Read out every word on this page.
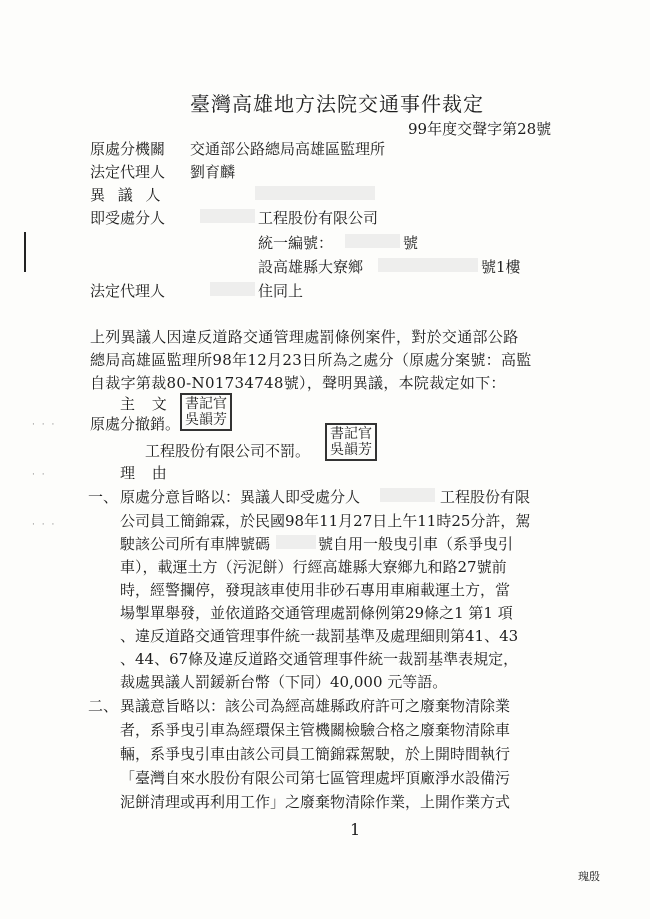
臺灣高雄地方法院交通事件裁定
99年度交聲字第28號
原處分機關 交通部公路總局高雄區監理所
法定代理人 劉育麟
異 議 人
即受處分人	工程股份有限公司
統一編號：	號
設高雄縣大寮鄉	號1樓
法定代理人	住同上
上列異議人因違反道路交通管理處罰條例案件，對於交通部公路
總局高雄區監理所98年12月23日所為之處分（原處分案號：高監
自裁字第裁80-N01734748號），聲明異議，本院裁定如下：
主 文
原處分撤銷。
工程股份有限公司不罰。
書記官
吳韻芳
書記官
吳韻芳
理 由
一、 原處分意旨略以：異議人即受處分人	工程股份有限
公司員工簡錦霖，於民國98年11月27日上午11時25分許，駕
駛該公司所有車牌號碼	號自用一般曳引車（系爭曳引
車），載運土方（污泥餅）行經高雄縣大寮鄉九和路27號前
時，經警攔停，發現該車使用非砂石專用車廂載運土方，當
場掣單舉發，並依道路交通管理處罰條例第29條之1 第1 項
、違反道路交通管理事件統一裁罰基準及處理細則第41、43
、44、67條及違反道路交通管理事件統一裁罰基準表規定，
裁處異議人罰鍰新台幣（下同）40,000 元等語。
二、 異議意旨略以：該公司為經高雄縣政府許可之廢棄物清除業
者，系爭曳引車為經環保主管機關檢驗合格之廢棄物清除車
輛，系爭曳引車由該公司員工簡錦霖駕駛，於上開時間執行
「臺灣自來水股份有限公司第七區管理處坪頂廠淨水設備污
泥餅清理或再利用工作」之廢棄物清除作業，上開作業方式
1
瑰殷
· · ·
· ·
· · ·
